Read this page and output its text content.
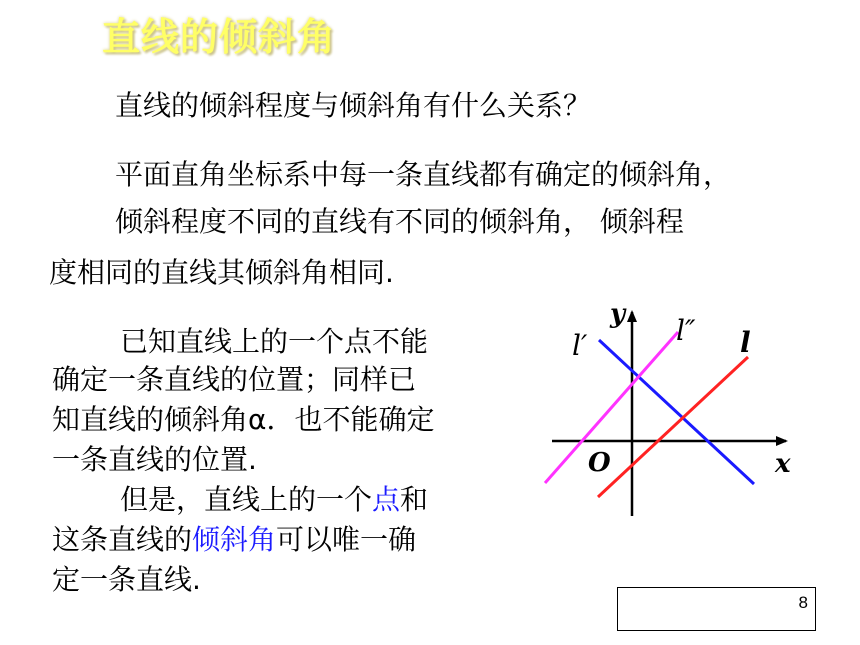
直线的倾斜角
直线的倾斜程度与倾斜角有什么关系？
平面直角坐标系中每一条直线都有确定的倾斜角，
倾斜程度不同的直线有不同的倾斜角， 倾斜程
度相同的直线其倾斜角相同.
已知直线上的一个点不能
确定一条直线的位置；同样已
知直线的倾斜角α．也不能确定
一条直线的位置.
但是，直线上的一个点和
这条直线的倾斜角可以唯一确
定一条直线.
y
x
O
l′	l″ l
8
